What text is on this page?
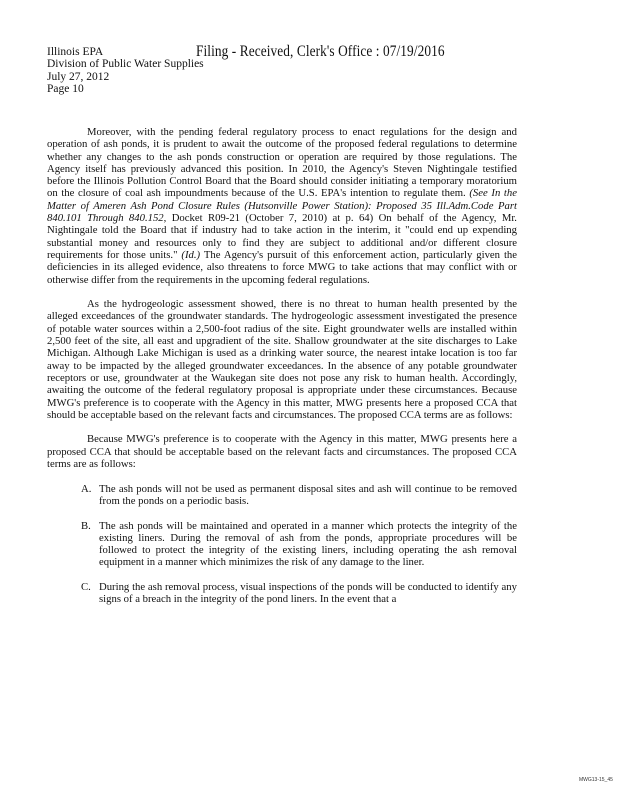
Filing - Received, Clerk's Office : 07/19/2016
Illinois EPA
Division of Public Water Supplies
July 27, 2012
Page 10

Moreover, with the pending federal regulatory process to enact regulations for the design and operation of ash ponds, it is prudent to await the outcome of the proposed federal regulations to determine whether any changes to the ash ponds construction or operation are required by those regulations. The Agency itself has previously advanced this position. In 2010, the Agency's Steven Nightingale testified before the Illinois Pollution Control Board that the Board should consider initiating a temporary moratorium on the closure of coal ash impoundments because of the U.S. EPA's intention to regulate them. (See In the Matter of Ameren Ash Pond Closure Rules (Hutsonville Power Station): Proposed 35 Ill.Adm.Code Part 840.101 Through 840.152, Docket R09-21 (October 7, 2010) at p. 64) On behalf of the Agency, Mr. Nightingale told the Board that if industry had to take action in the interim, it "could end up expending substantial money and resources only to find they are subject to additional and/or different closure requirements for those units." (Id.) The Agency's pursuit of this enforcement action, particularly given the deficiencies in its alleged evidence, also threatens to force MWG to take actions that may conflict with or otherwise differ from the requirements in the upcoming federal regulations.

As the hydrogeologic assessment showed, there is no threat to human health presented by the alleged exceedances of the groundwater standards. The hydrogeologic assessment investigated the presence of potable water sources within a 2,500-foot radius of the site. Eight groundwater wells are installed within 2,500 feet of the site, all east and upgradient of the site. Shallow groundwater at the site discharges to Lake Michigan. Although Lake Michigan is used as a drinking water source, the nearest intake location is too far away to be impacted by the alleged groundwater exceedances. In the absence of any potable groundwater receptors or use, groundwater at the Waukegan site does not pose any risk to human health. Accordingly, awaiting the outcome of the federal regulatory proposal is appropriate under these circumstances. Because MWG's preference is to cooperate with the Agency in this matter, MWG presents here a proposed CCA that should be acceptable based on the relevant facts and circumstances. The proposed CCA terms are as follows:

Because MWG's preference is to cooperate with the Agency in this matter, MWG presents here a proposed CCA that should be acceptable based on the relevant facts and circumstances. The proposed CCA terms are as follows:

A. The ash ponds will not be used as permanent disposal sites and ash will continue to be removed from the ponds on a periodic basis.
B. The ash ponds will be maintained and operated in a manner which protects the integrity of the existing liners. During the removal of ash from the ponds, appropriate procedures will be followed to protect the integrity of the existing liners, including operating the ash removal equipment in a manner which minimizes the risk of any damage to the liner.
C. During the ash removal process, visual inspections of the ponds will be conducted to identify any signs of a breach in the integrity of the pond liners. In the event that a
MWG13-15_45
